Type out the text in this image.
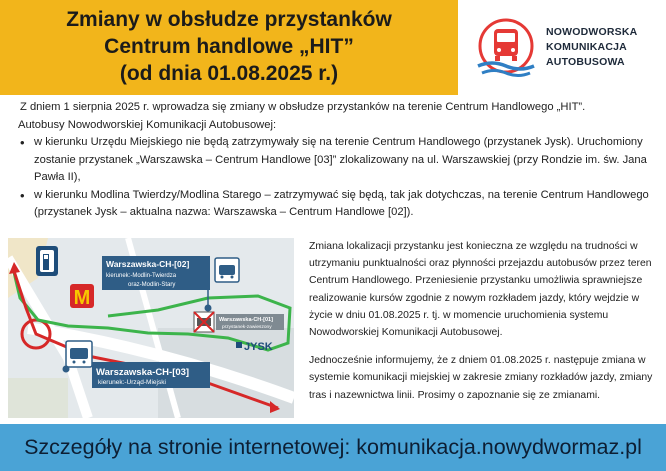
Zmiany w obsłudze przystanków
Centrum handlowe „HIT”
(od dnia 01.08.2025 r.)
NOWODWORSKA
KOMUNIKACJA
AUTOBUSOWA
Z dniem 1 sierpnia 2025 r. wprowadza się zmiany w obsłudze przystanków na terenie Centrum Handlowego „HIT”.
Autobusy Nowodworskiej Komunikacji Autobusowej:
• w kierunku Urzędu Miejskiego nie będą zatrzymywały się na terenie Centrum Handlowego (przystanek Jysk). Uruchomiony zostanie przystanek „Warszawska – Centrum Handlowe [03]” zlokalizowany na ul. Warszawskiej (przy Rondzie im. św. Jana Pawła II),
• w kierunku Modlina Twierdzy/Modlina Starego – zatrzymywać się będą, tak jak dotychczas, na terenie Centrum Handlowego (przystanek Jysk – aktualna nazwa: Warszawska – Centrum Handlowe [02]).
M
Warszawska-CH-[02]
kierunek:-Modlin-Twierdza
oraz-Modlin-Stary
Warszawska-CH-[01]
przystanek-zawieszony
JYSK
Warszawska-CH-[03]
kierunek:-Urząd-Miejski

Zmiana lokalizacji przystanku jest konieczna ze względu na trudności w utrzymaniu punktualności oraz płynności przejazdu autobusów przez teren Centrum Handlowego. Przeniesienie przystanku umożliwia sprawniejsze realizowanie kursów zgodnie z nowym rozkładem jazdy, który wejdzie w życie w dniu 01.08.2025 r. tj. w momencie uruchomienia systemu Nowodworskiej Komunikacji Autobusowej.

Jednocześnie informujemy, że z dniem 01.08.2025 r. następuje zmiana w systemie komunikacji miejskiej w zakresie zmiany rozkładów jazdy, zmiany tras i nazewnictwa linii. Prosimy o zapoznanie się ze zmianami.

Szczegóły na stronie internetowej: komunikacja.nowydwormaz.pl
